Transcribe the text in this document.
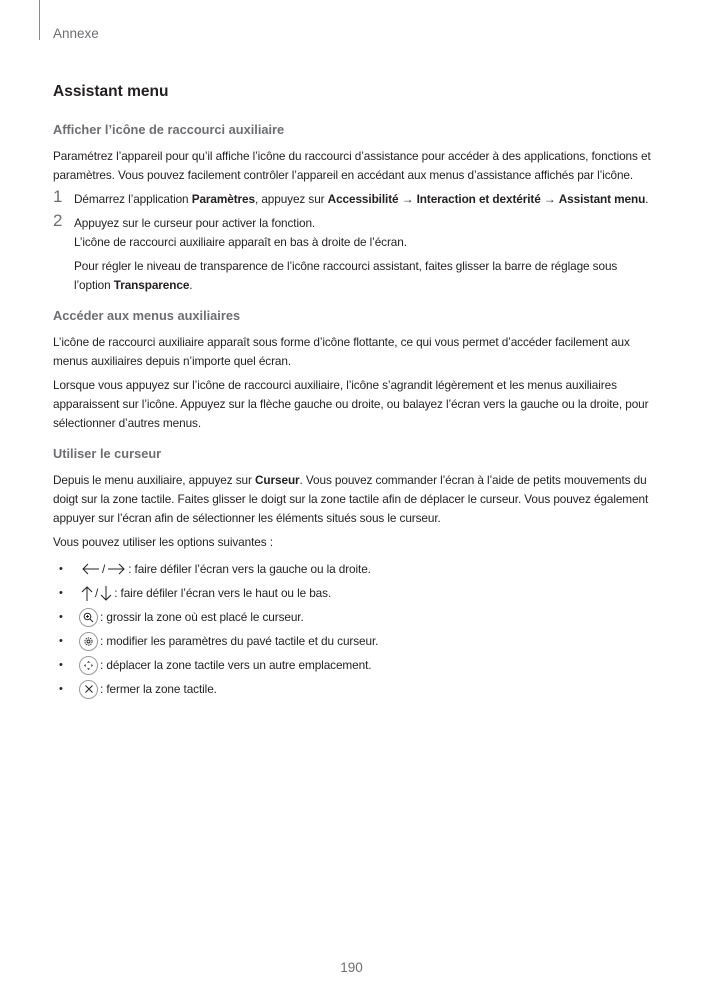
Annexe
Assistant menu
Afficher l’icône de raccourci auxiliaire

Paramétrez l’appareil pour qu’il affiche l’icône du raccourci d’assistance pour accéder à des applications, fonctions et paramètres. Vous pouvez facilement contrôler l’appareil en accédant aux menus d’assistance affichés par l’icône.

1 Démarrez l’application Paramètres, appuyez sur Accessibilité → Interaction et dextérité → Assistant menu.

2 Appuyez sur le curseur pour activer la fonction.

L’icône de raccourci auxiliaire apparaît en bas à droite de l’écran.

Pour régler le niveau de transparence de l’icône raccourci assistant, faites glisser la barre de réglage sous l’option Transparence.

Accéder aux menus auxiliaires

L’icône de raccourci auxiliaire apparaît sous forme d’icône flottante, ce qui vous permet d’accéder facilement aux menus auxiliaires depuis n’importe quel écran.

Lorsque vous appuyez sur l’icône de raccourci auxiliaire, l’icône s’agrandit légèrement et les menus auxiliaires apparaissent sur l’icône. Appuyez sur la flèche gauche ou droite, ou balayez l’écran vers la gauche ou la droite, pour sélectionner d’autres menus.

Utiliser le curseur

Depuis le menu auxiliaire, appuyez sur Curseur. Vous pouvez commander l’écran à l’aide de petits mouvements du doigt sur la zone tactile. Faites glisser le doigt sur la zone tactile afin de déplacer le curseur. Vous pouvez également appuyer sur l’écran afin de sélectionner les éléments situés sous le curseur.

Vous pouvez utiliser les options suivantes :

•	/ : faire défiler l’écran vers la gauche ou la droite.
•	/ : faire défiler l’écran vers le haut ou le bas.
•	: grossir la zone où est placé le curseur.
•	: modifier les paramètres du pavé tactile et du curseur.
•	: déplacer la zone tactile vers un autre emplacement.
•	: fermer la zone tactile.
190
